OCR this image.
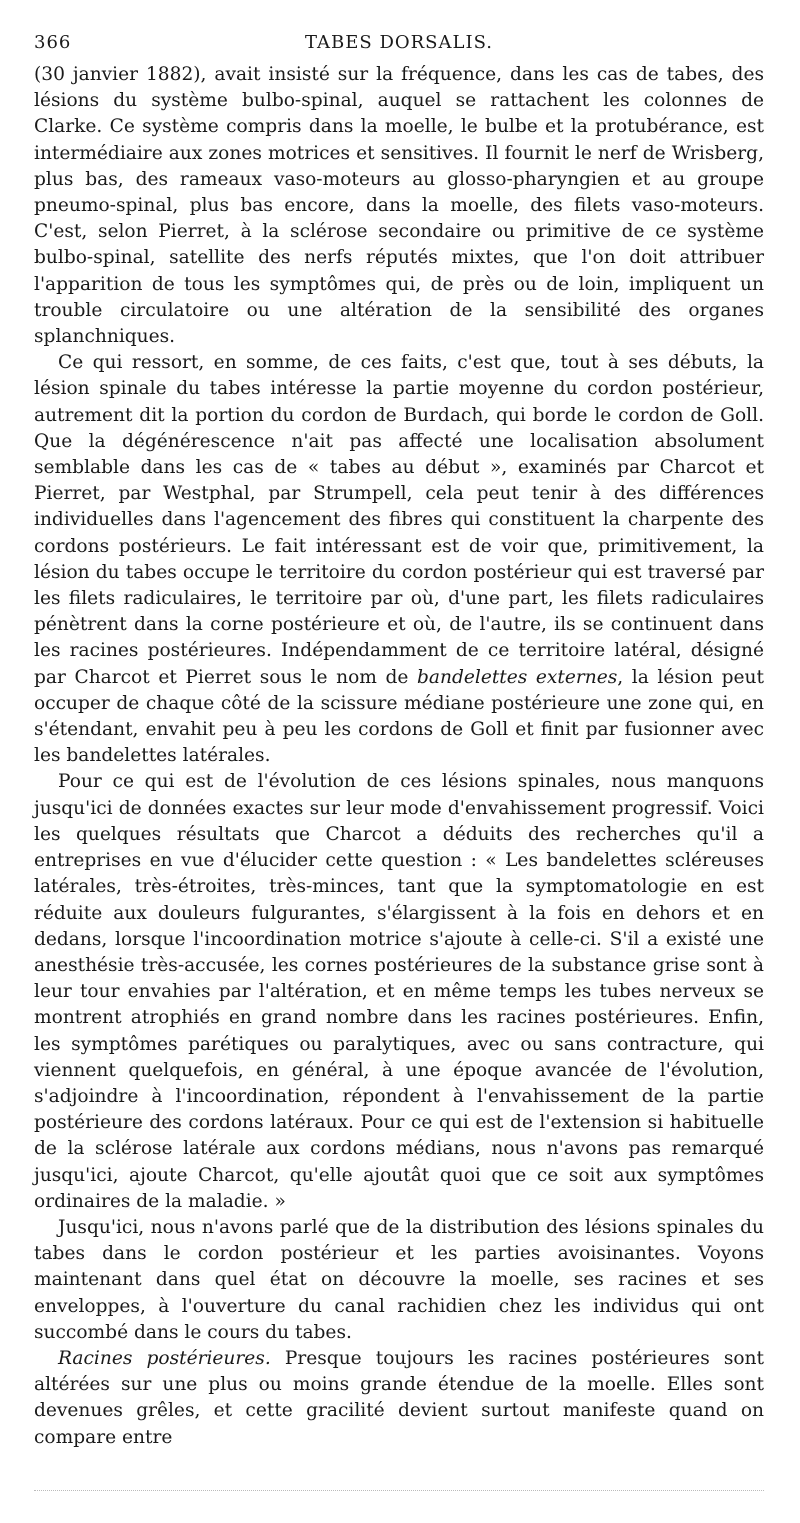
366	TABES DORSALIS.

(30 janvier 1882), avait insisté sur la fréquence, dans les cas de tabes, des lésions du système bulbo-spinal, auquel se rattachent les colonnes de Clarke. Ce système compris dans la moelle, le bulbe et la protubérance, est intermédiaire aux zones motrices et sensitives. Il fournit le nerf de Wrisberg, plus bas, des rameaux vaso-moteurs au glosso-pharyngien et au groupe pneumo-spinal, plus bas encore, dans la moelle, des filets vaso-moteurs. C'est, selon Pierret, à la sclérose secondaire ou primitive de ce système bulbo-spinal, satellite des nerfs réputés mixtes, que l'on doit attribuer l'apparition de tous les symptômes qui, de près ou de loin, impliquent un trouble circulatoire ou une altération de la sensibilité des organes splanchniques.

Ce qui ressort, en somme, de ces faits, c'est que, tout à ses débuts, la lésion spinale du tabes intéresse la partie moyenne du cordon postérieur, autrement dit la portion du cordon de Burdach, qui borde le cordon de Goll. Que la dégénérescence n'ait pas affecté une localisation absolument semblable dans les cas de « tabes au début », examinés par Charcot et Pierret, par Westphal, par Strumpell, cela peut tenir à des différences individuelles dans l'agencement des fibres qui constituent la charpente des cordons postérieurs. Le fait intéressant est de voir que, primitivement, la lésion du tabes occupe le territoire du cordon postérieur qui est traversé par les filets radiculaires, le territoire par où, d'une part, les filets radiculaires pénètrent dans la corne postérieure et où, de l'autre, ils se continuent dans les racines postérieures. Indépendamment de ce territoire latéral, désigné par Charcot et Pierret sous le nom de bandelettes externes, la lésion peut occuper de chaque côté de la scissure médiane postérieure une zone qui, en s'étendant, envahit peu à peu les cordons de Goll et finit par fusionner avec les bandelettes latérales.

Pour ce qui est de l'évolution de ces lésions spinales, nous manquons jusqu'ici de données exactes sur leur mode d'envahissement progressif. Voici les quelques résultats que Charcot a déduits des recherches qu'il a entreprises en vue d'élucider cette question : « Les bandelettes scléreuses latérales, très-étroites, très-minces, tant que la symptomatologie en est réduite aux douleurs fulgurantes, s'élargissent à la fois en dehors et en dedans, lorsque l'incoordination motrice s'ajoute à celle-ci. S'il a existé une anesthésie très-accusée, les cornes postérieures de la substance grise sont à leur tour envahies par l'altération, et en même temps les tubes nerveux se montrent atrophiés en grand nombre dans les racines postérieures. Enfin, les symptômes parétiques ou paralytiques, avec ou sans contracture, qui viennent quelquefois, en général, à une époque avancée de l'évolution, s'adjoindre à l'incoordination, répondent à l'envahissement de la partie postérieure des cordons latéraux. Pour ce qui est de l'extension si habituelle de la sclérose latérale aux cordons médians, nous n'avons pas remarqué jusqu'ici, ajoute Charcot, qu'elle ajoutât quoi que ce soit aux symptômes ordinaires de la maladie. »

Jusqu'ici, nous n'avons parlé que de la distribution des lésions spinales du tabes dans le cordon postérieur et les parties avoisinantes. Voyons maintenant dans quel état on découvre la moelle, ses racines et ses enveloppes, à l'ouverture du canal rachidien chez les individus qui ont succombé dans le cours du tabes.

Racines postérieures. Presque toujours les racines postérieures sont altérées sur une plus ou moins grande étendue de la moelle. Elles sont devenues grêles, et cette gracilité devient surtout manifeste quand on compare entre
